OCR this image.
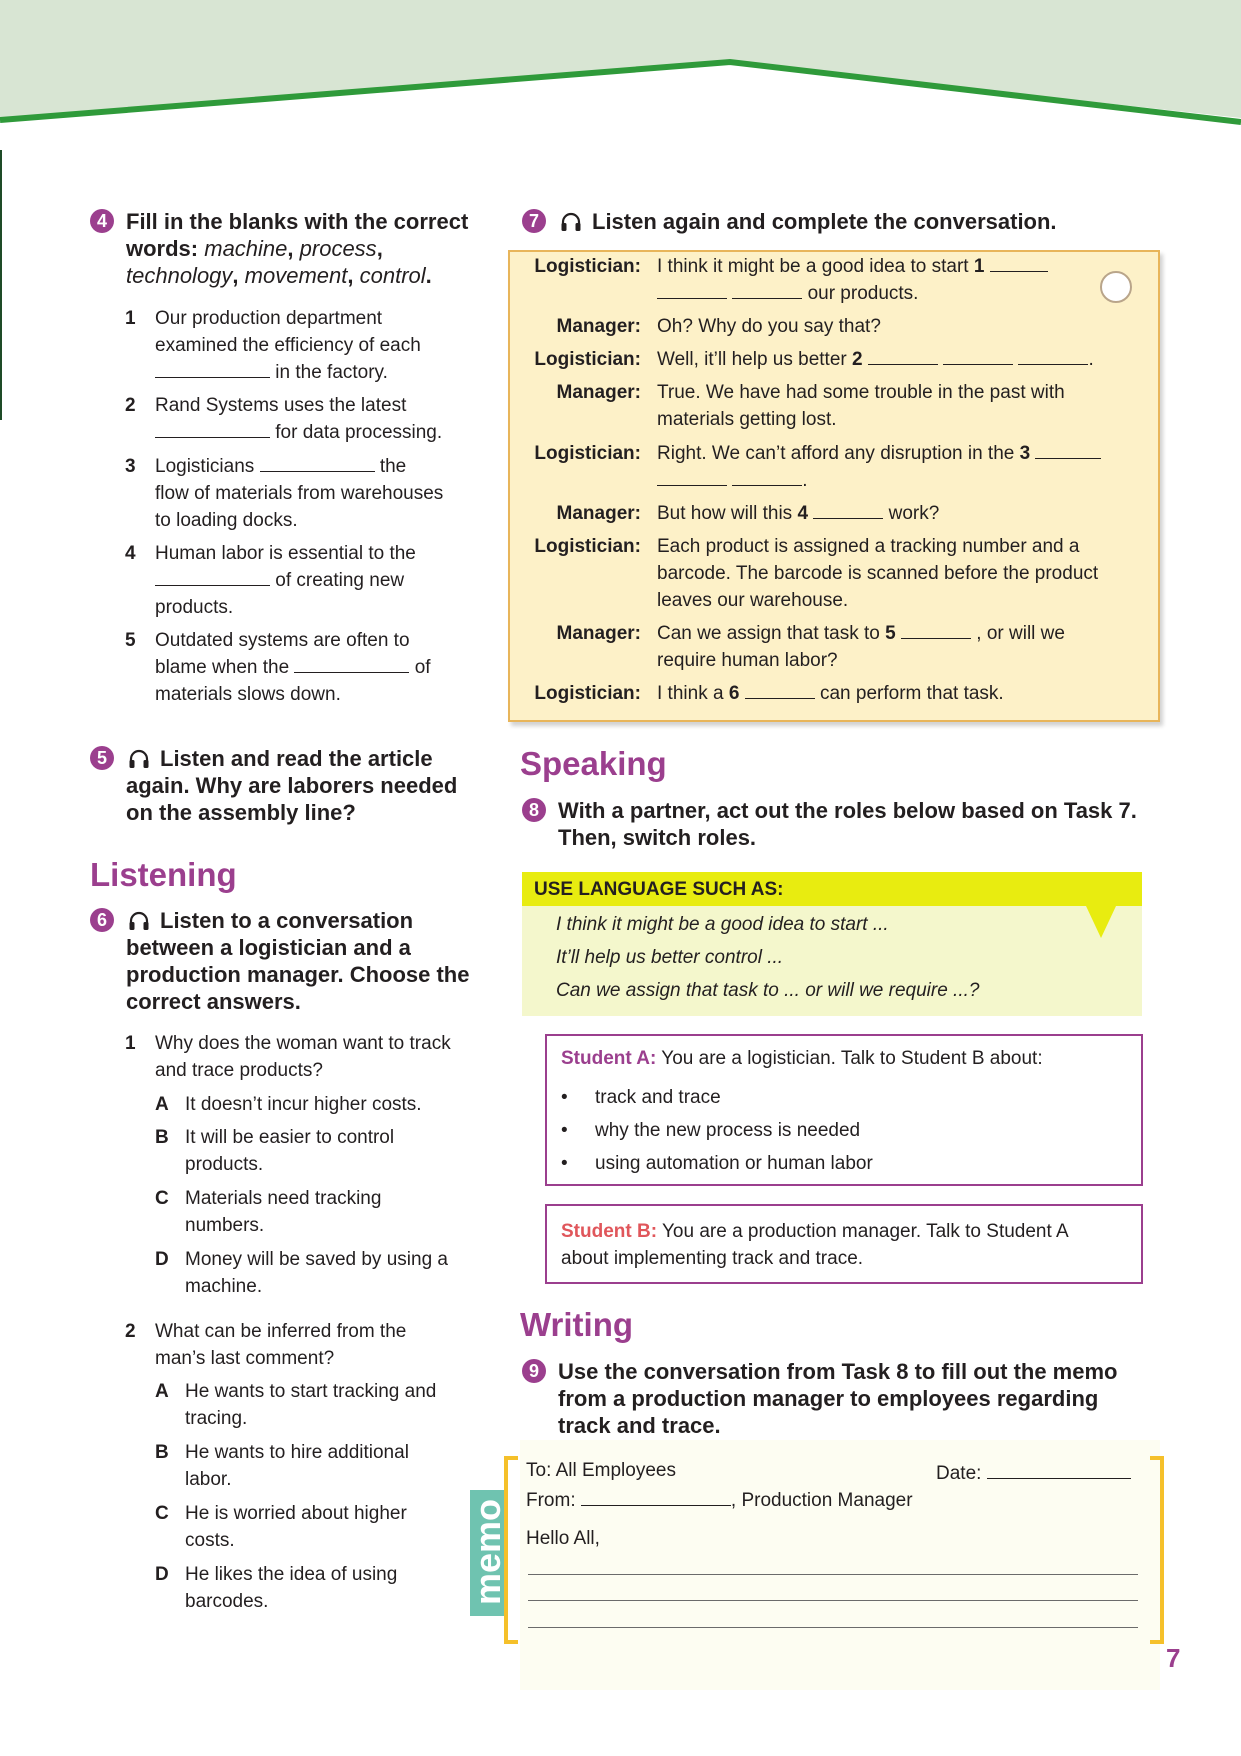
4 Fill in the blanks with the correct words: machine, process,
technology, movement, control.
1	Our production department
examined the efficiency of each
in the factory.
2	Rand Systems uses the latest
for data processing.
3	Logisticians	the
flow of materials from warehouses
to loading docks.
4	Human labor is essential to the
of creating new
products.
5	Outdated systems are often to
blame when the	of
materials slows down.
5	Listen and read the article again. Why are laborers needed on the assembly line?
Listening
6	Listen to a conversation between a logistician and a production manager. Choose the correct answers.
1	Why does the woman want to track and trace products?
A It doesn’t incur higher costs.
B It will be easier to control products.
C Materials need tracking numbers.
D Money will be saved by using a machine.
2	What can be inferred from the man’s last comment?
A He wants to start tracking and tracing.
B He wants to hire additional labor.
C He is worried about higher costs.
D He likes the idea of using barcodes.
7	Listen again and complete the conversation.
Logistician: I think it might be a good idea to start 1
our products.
Manager: Oh? Why do you say that?
Logistician: Well, it’ll help us better 2	.
Manager: True. We have had some trouble in the past with
materials getting lost.
Logistician: Right. We can’t afford any disruption in the 3
.
Manager: But how will this 4	work?
Logistician: Each product is assigned a tracking number and a
barcode. The barcode is scanned before the product
leaves our warehouse.
Manager: Can we assign that task to 5	, or will we
require human labor?
Logistician: I think a 6	can perform that task.
Speaking
8 With a partner, act out the roles below based on Task 7. Then, switch roles.
USE LANGUAGE SUCH AS:
I think it might be a good idea to start ...
It’ll help us better control ...
Can we assign that task to ... or will we require ...?
Student A: You are a logistician. Talk to Student B about:
• track and trace
• why the new process is needed
• using automation or human labor
Student B: You are a production manager. Talk to Student A
about implementing track and trace.
Writing
9 Use the conversation from Task 8 to fill out the memo from a production manager to employees regarding track and trace.
memo
To: All Employees	Date:
From:	, Production Manager
Hello All,
7
